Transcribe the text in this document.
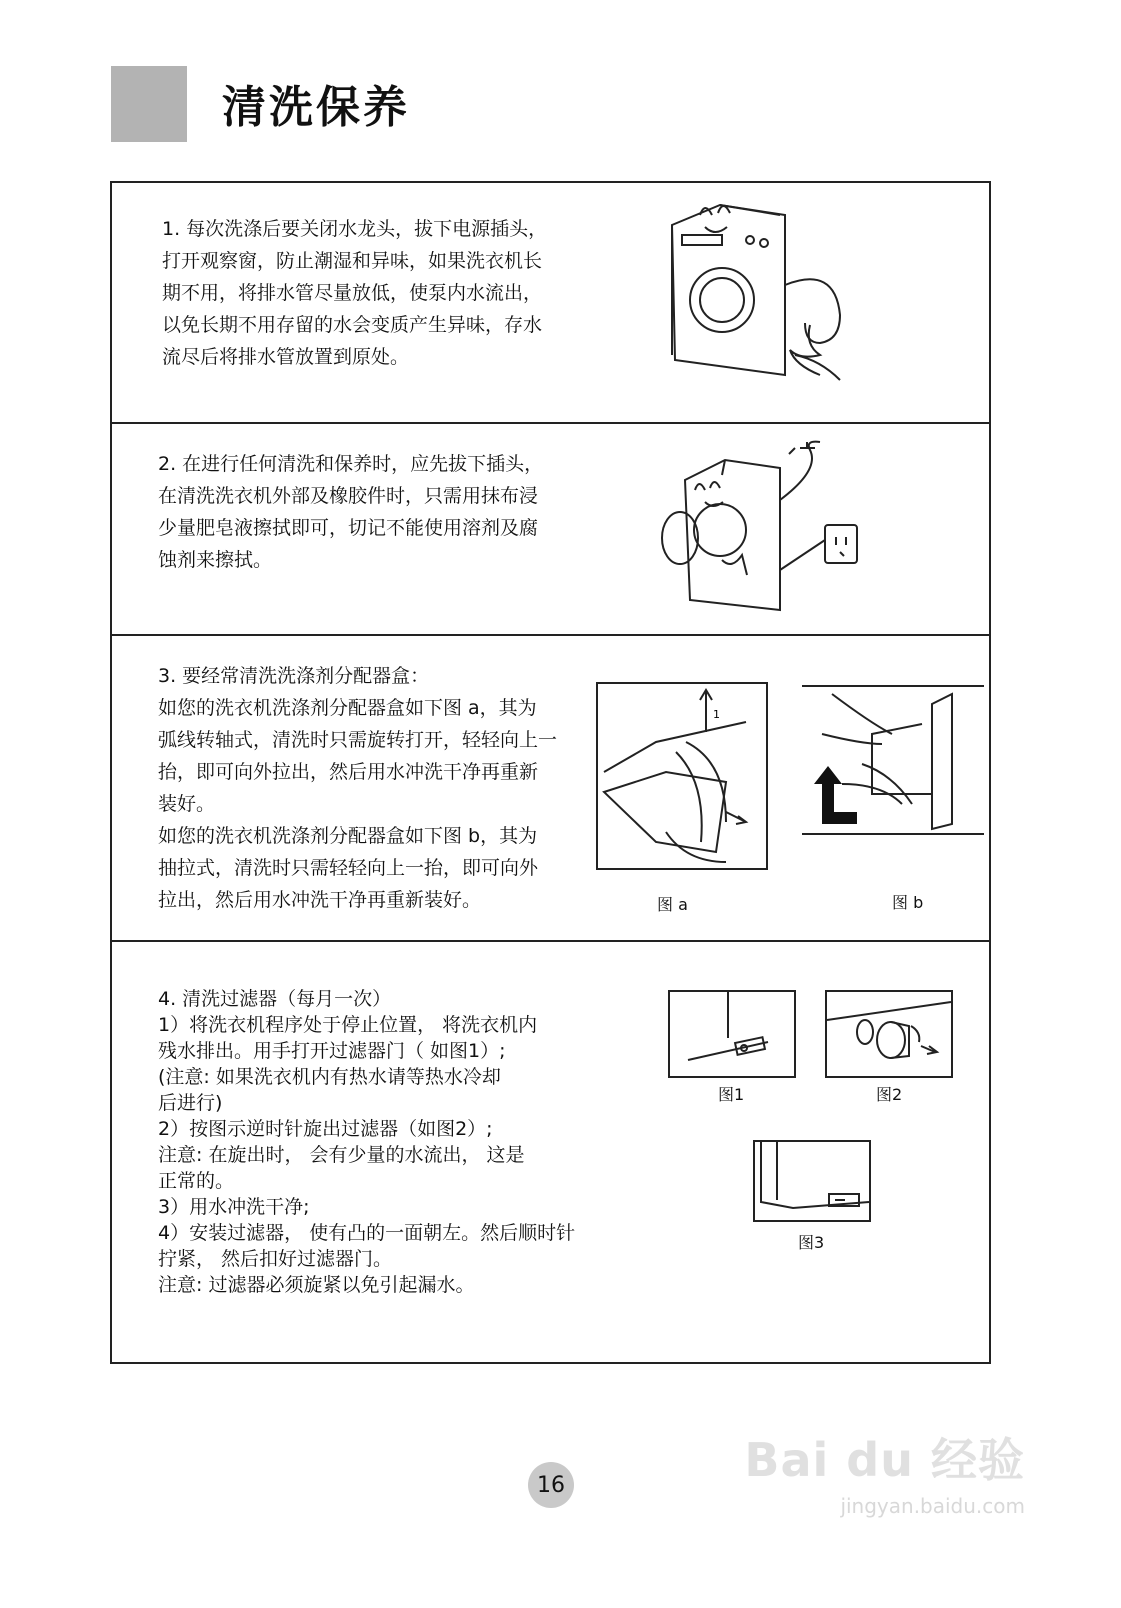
清洗保养
1. 每次洗涤后要关闭水龙头，拔下电源插头，
打开观察窗，防止潮湿和异味，如果洗衣机长
期不用，将排水管尽量放低，使泵内水流出，
以免长期不用存留的水会变质产生异味，存水
流尽后将排水管放置到原处。
2. 在进行任何清洗和保养时，应先拔下插头，
在清洗洗衣机外部及橡胶件时，只需用抹布浸
少量肥皂液擦拭即可，切记不能使用溶剂及腐
蚀剂来擦拭。
3. 要经常清洗洗涤剂分配器盒：
如您的洗衣机洗涤剂分配器盒如下图 a，其为
弧线转轴式，清洗时只需旋转打开，轻轻向上一
抬，即可向外拉出，然后用水冲洗干净再重新
装好。
如您的洗衣机洗涤剂分配器盒如下图 b，其为
抽拉式，清洗时只需轻轻向上一抬，即可向外
拉出，然后用水冲洗干净再重新装好。
1
图 a	图 b
4. 清洗过滤器（每月一次）
1）将洗衣机程序处于停止位置， 将洗衣机内
残水排出。用手打开过滤器门（ 如图1）;
(注意: 如果洗衣机内有热水请等热水冷却
后进行)
2）按图示逆时针旋出过滤器（如图2）;
注意: 在旋出时， 会有少量的水流出， 这是
正常的。
3）用水冲洗干净;
4）安装过滤器， 使有凸的一面朝左。然后顺时针
拧紧， 然后扣好过滤器门。
注意: 过滤器必须旋紧以免引起漏水。
图1	图2
图3
16	Bai du 经验
jingyan.baidu.com
